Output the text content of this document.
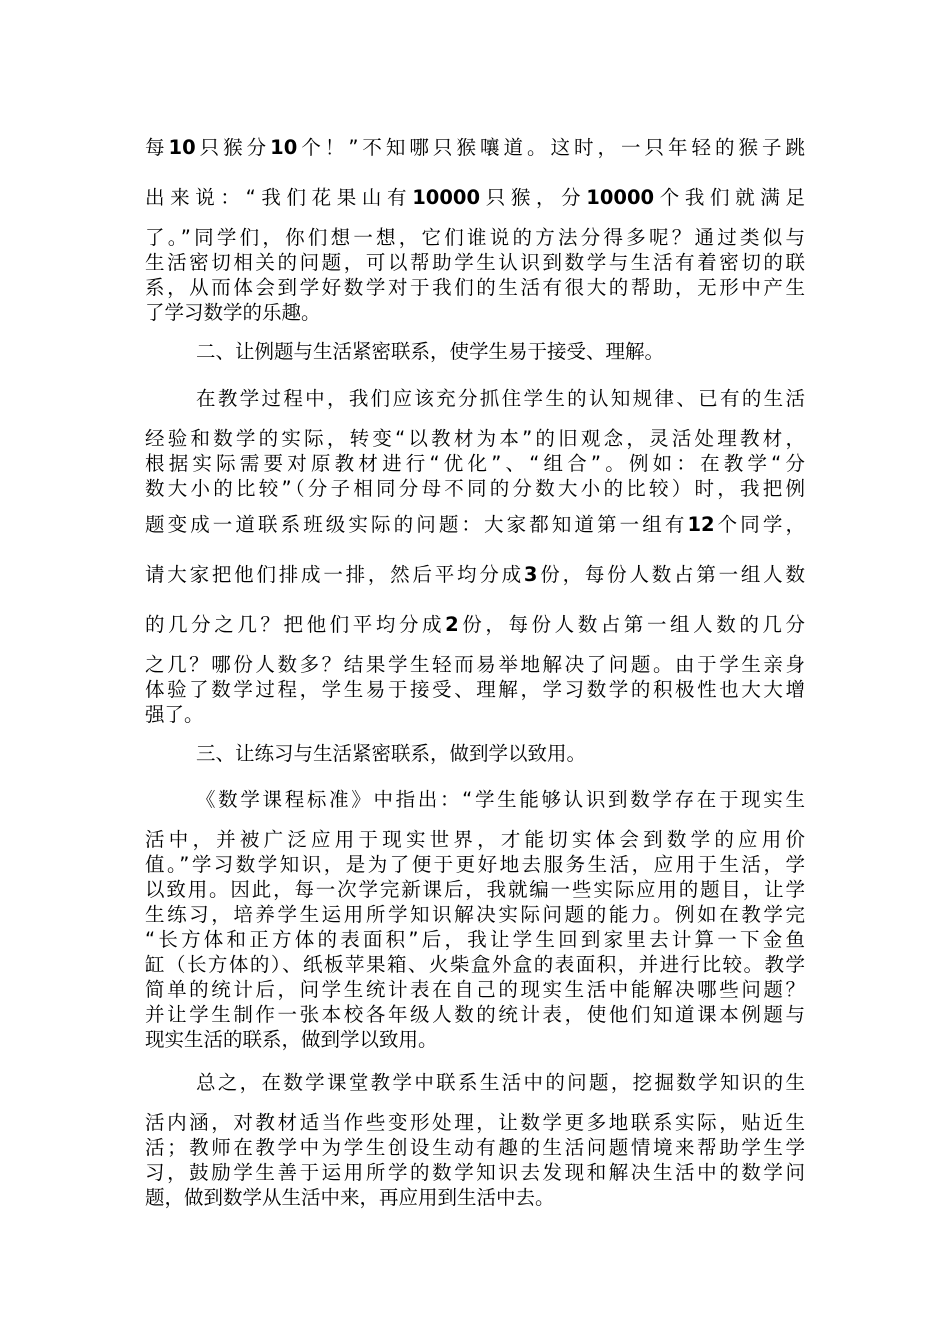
每10只猴分10个！”不知哪只猴嚷道。这时，一只年轻的猴子跳
出来说：“我们花果山有10000只猴，分10000个我们就满足
了。”同学们，你们想一想，它们谁说的方法分得多呢？通过类似与
生活密切相关的问题，可以帮助学生认识到数学与生活有着密切的联
系，从而体会到学好数学对于我们的生活有很大的帮助，无形中产生
了学习数学的乐趣。
二、让例题与生活紧密联系，使学生易于接受、理解。
在教学过程中，我们应该充分抓住学生的认知规律、已有的生活
经验和数学的实际，转变“以教材为本”的旧观念，灵活处理教材，
根据实际需要对原教材进行“优化”、“组合”。例如：在教学“分
数大小的比较”（分子相同分母不同的分数大小的比较）时，我把例
题变成一道联系班级实际的问题：大家都知道第一组有12个同学，
请大家把他们排成一排，然后平均分成3份，每份人数占第一组人数
的几分之几？把他们平均分成2份，每份人数占第一组人数的几分
之几？哪份人数多？结果学生轻而易举地解决了问题。由于学生亲身
体验了数学过程，学生易于接受、理解，学习数学的积极性也大大增
强了。
三、让练习与生活紧密联系，做到学以致用。
《数学课程标准》中指出：“学生能够认识到数学存在于现实生
活中，并被广泛应用于现实世界，才能切实体会到数学的应用价
值。”学习数学知识，是为了便于更好地去服务生活，应用于生活，学
以致用。因此，每一次学完新课后，我就编一些实际应用的题目，让学
生练习，培养学生运用所学知识解决实际问题的能力。例如在教学完
“长方体和正方体的表面积”后，我让学生回到家里去计算一下金鱼
缸（长方体的）、纸板苹果箱、火柴盒外盒的表面积，并进行比较。教学
简单的统计后，问学生统计表在自己的现实生活中能解决哪些问题？
并让学生制作一张本校各年级人数的统计表，使他们知道课本例题与
现实生活的联系，做到学以致用。
总之，在数学课堂教学中联系生活中的问题，挖掘数学知识的生
活内涵，对教材适当作些变形处理，让数学更多地联系实际，贴近生
活；教师在教学中为学生创设生动有趣的生活问题情境来帮助学生学
习，鼓励学生善于运用所学的数学知识去发现和解决生活中的数学问
题，做到数学从生活中来，再应用到生活中去。
